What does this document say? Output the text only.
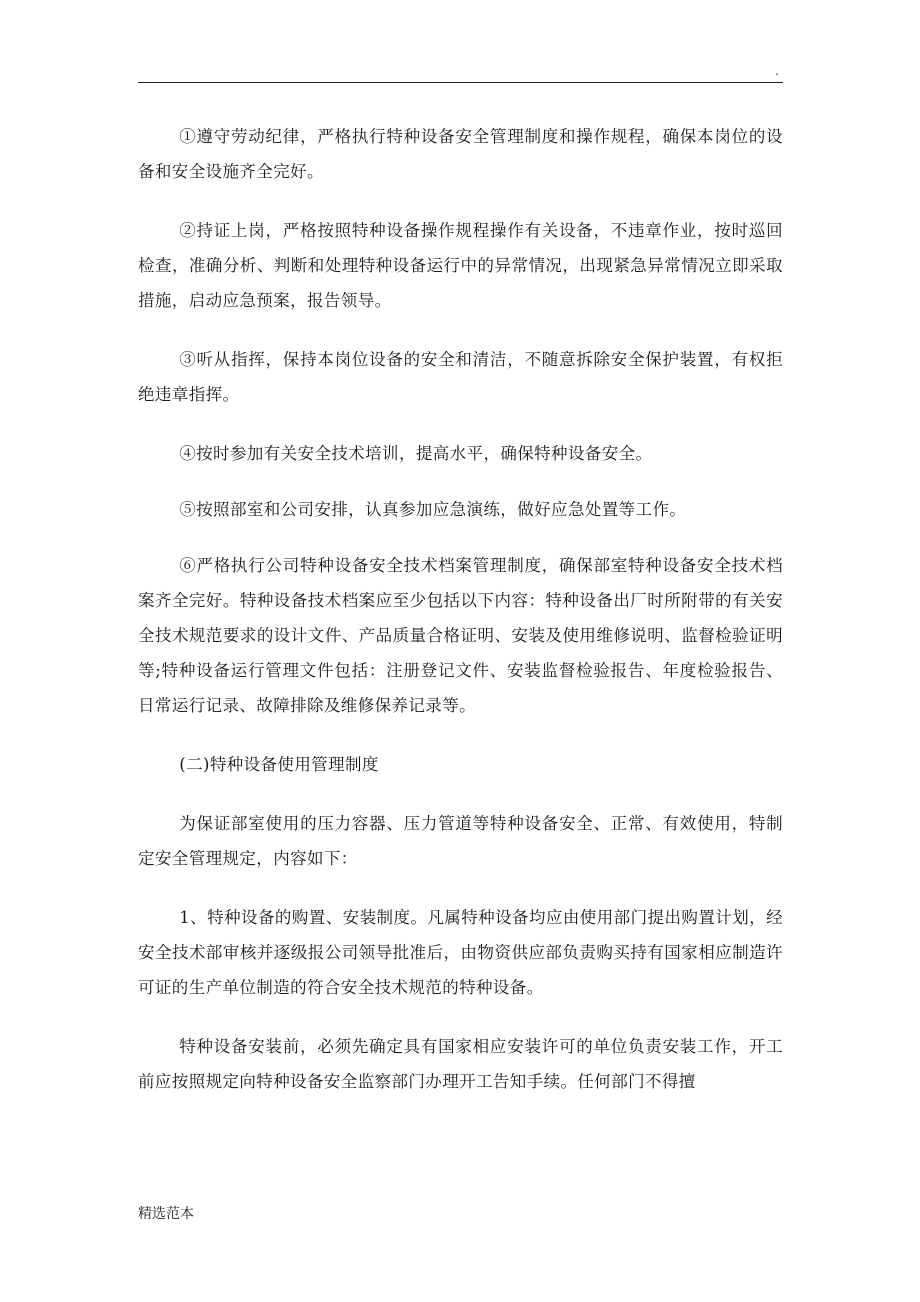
.

①遵守劳动纪律，严格执行特种设备安全管理制度和操作规程，确保本岗位的设备和安全设施齐全完好。

②持证上岗，严格按照特种设备操作规程操作有关设备，不违章作业，按时巡回检查，准确分析、判断和处理特种设备运行中的异常情况，出现紧急异常情况立即采取措施，启动应急预案，报告领导。

③听从指挥，保持本岗位设备的安全和清洁，不随意拆除安全保护装置，有权拒绝违章指挥。

④按时参加有关安全技术培训，提高水平，确保特种设备安全。

⑤按照部室和公司安排，认真参加应急演练，做好应急处置等工作。

⑥严格执行公司特种设备安全技术档案管理制度，确保部室特种设备安全技术档案齐全完好。特种设备技术档案应至少包括以下内容：特种设备出厂时所附带的有关安全技术规范要求的设计文件、产品质量合格证明、安装及使用维修说明、监督检验证明等;特种设备运行管理文件包括：注册登记文件、安装监督检验报告、年度检验报告、日常运行记录、故障排除及维修保养记录等。

(二)特种设备使用管理制度

为保证部室使用的压力容器、压力管道等特种设备安全、正常、有效使用，特制定安全管理规定，内容如下：

1、特种设备的购置、安装制度。凡属特种设备均应由使用部门提出购置计划，经安全技术部审核并逐级报公司领导批准后，由物资供应部负责购买持有国家相应制造许可证的生产单位制造的符合安全技术规范的特种设备。

特种设备安装前，必须先确定具有国家相应安装许可的单位负责安装工作，开工前应按照规定向特种设备安全监察部门办理开工告知手续。任何部门不得擅

精选范本
